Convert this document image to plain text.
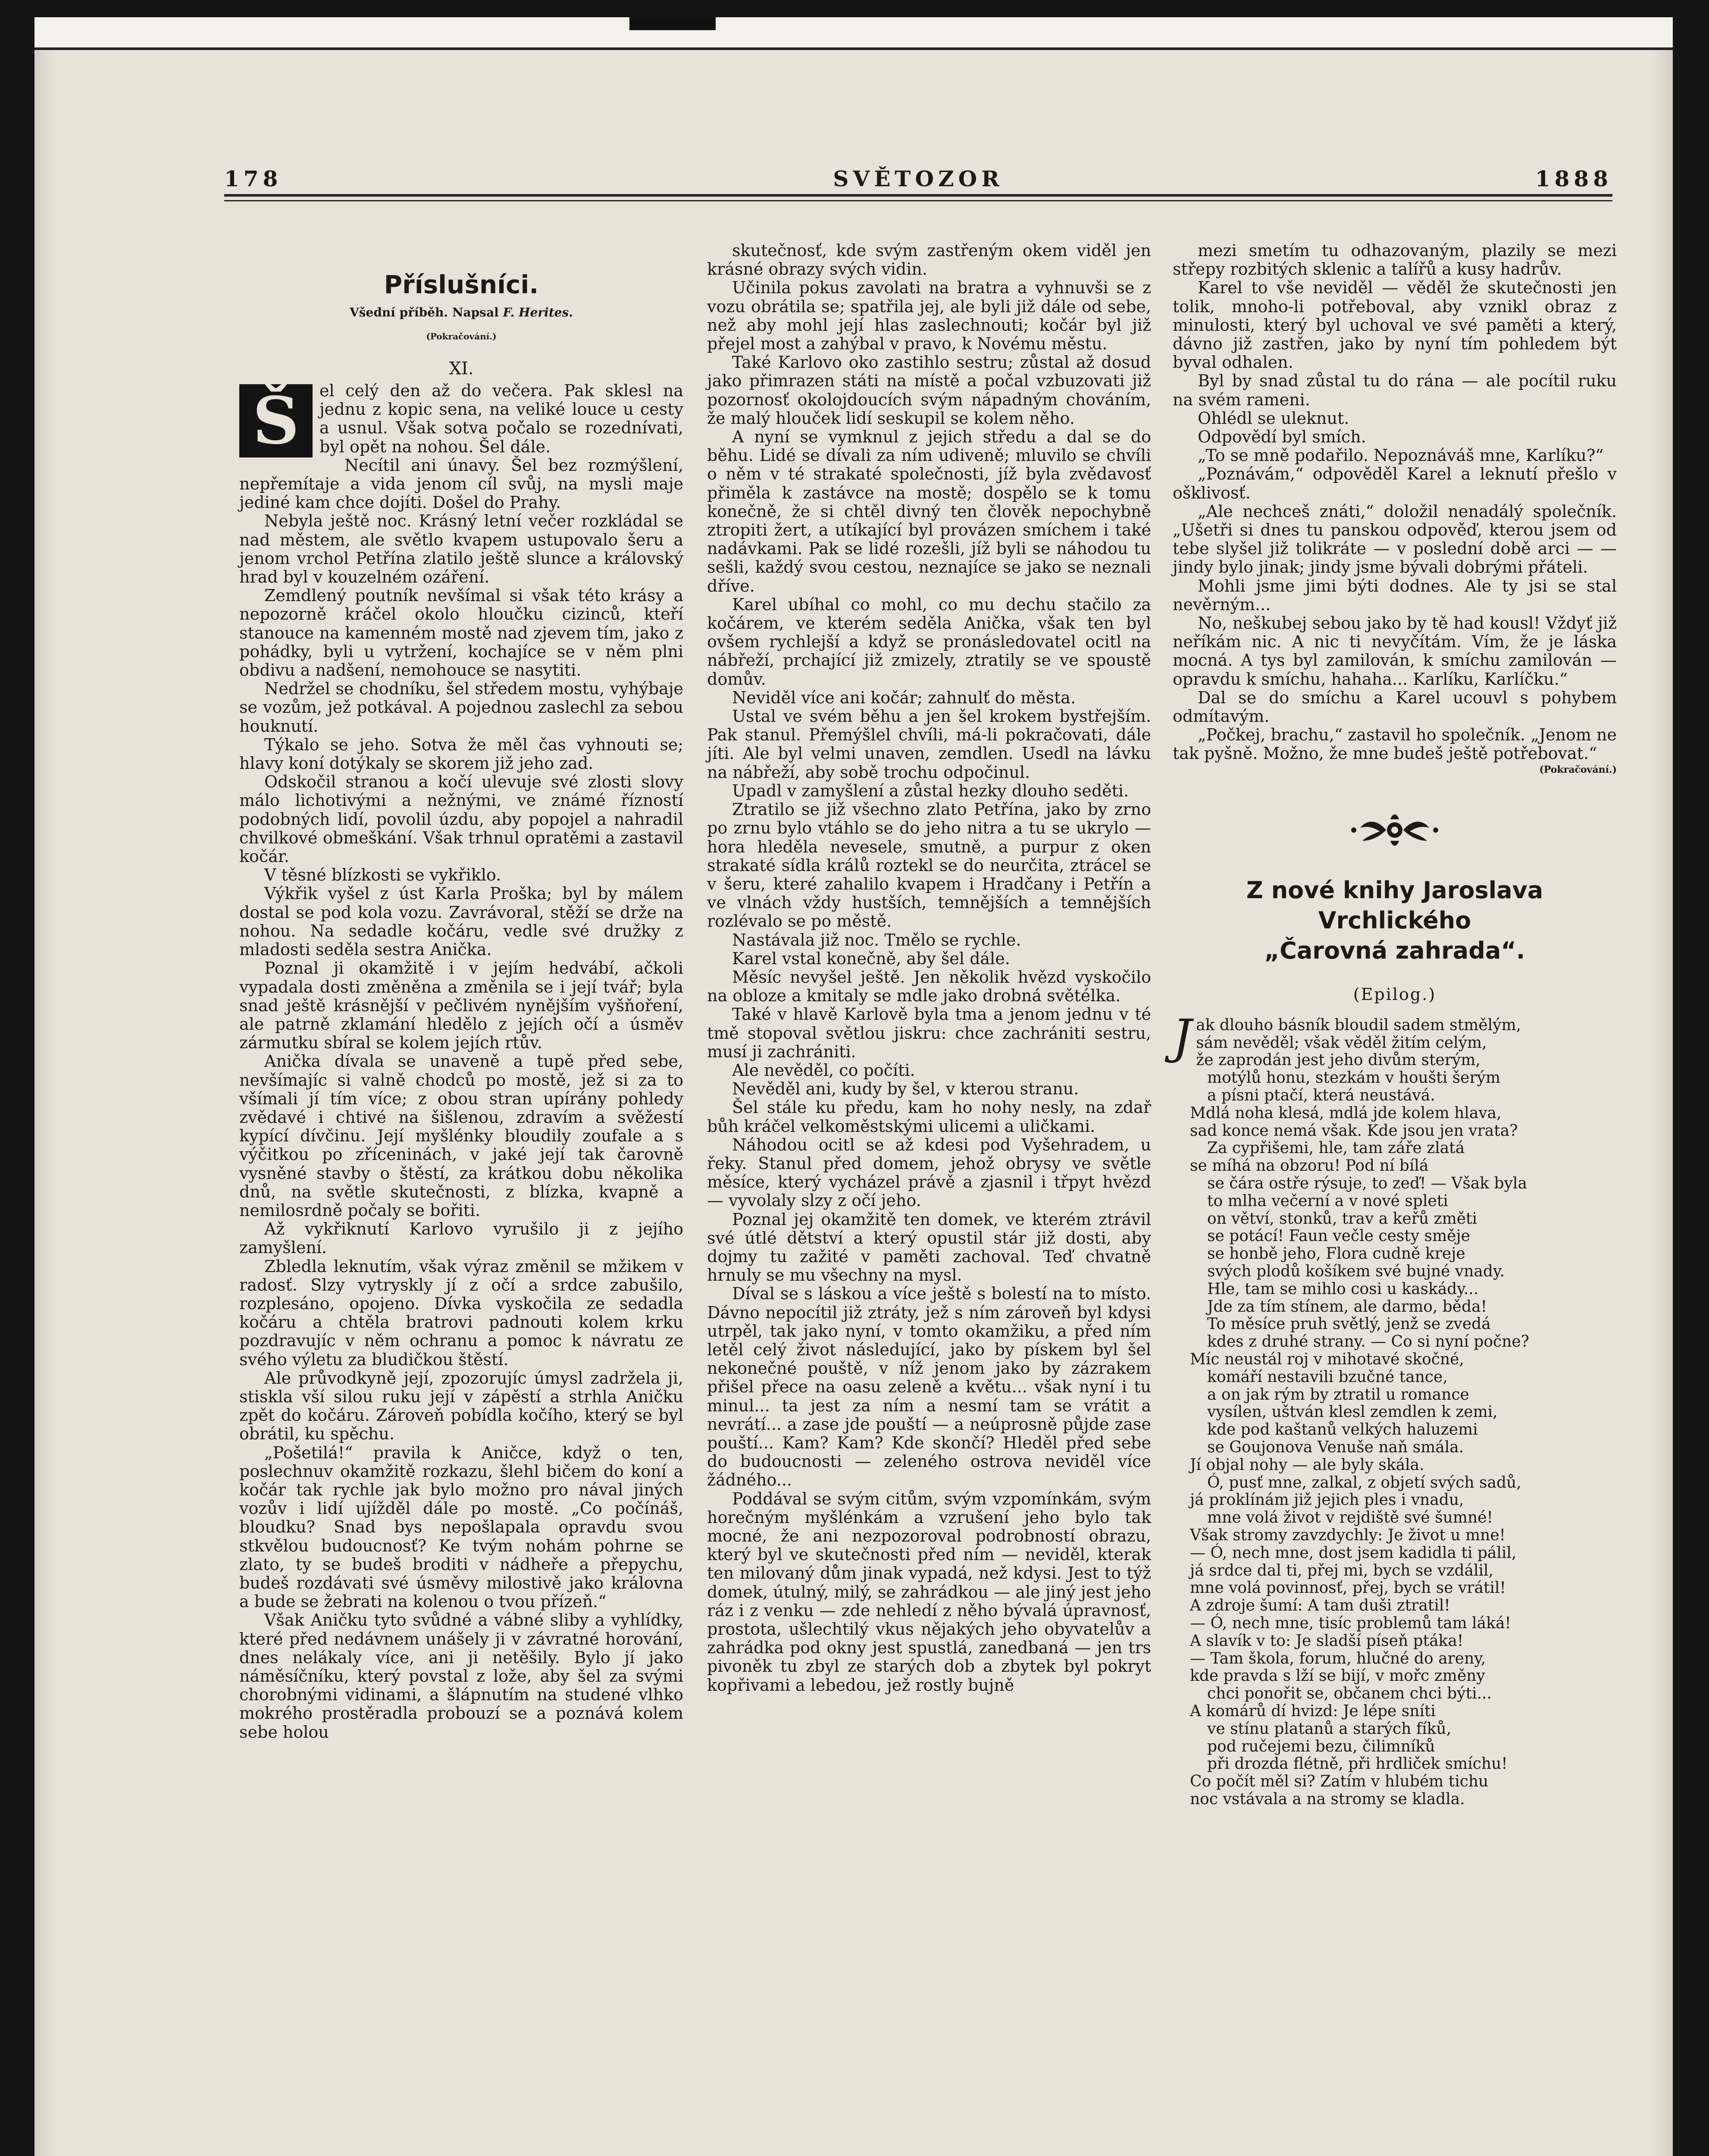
178	SVĚTOZOR	1888
Příslušníci.
Všední příběh. Napsal F. Herites.
(Pokračování.)
XI.

Š	el celý den až do večera. Pak sklesl na jednu z kopic sena, na veliké louce u cesty a usnul. Však sotva počalo se rozednívati, byl opět na nohou. Šel dále.

Necítil ani únavy. Šel bez rozmýšlení, nepřemítaje a vida jenom cíl svůj, na mysli maje jediné kam chce dojíti. Došel do Prahy.

Nebyla ještě noc. Krásný letní večer rozkládal se nad městem, ale světlo kvapem ustupovalo šeru a jenom vrchol Petřína zlatilo ještě slunce a královský hrad byl v kouzelném ozáření.

Zemdlený poutník nevšímal si však této krásy a nepozorně kráčel okolo hloučku cizinců, kteří stanouce na kamenném mostě nad zjevem tím, jako z pohádky, byli u vytržení, kochajíce se v něm plni obdivu a nadšení, nemohouce se nasytiti.

Nedržel se chodníku, šel středem mostu, vyhýbaje se vozům, jež potkával. A pojednou zaslechl za sebou houknutí.

Týkalo se jeho. Sotva že měl čas vyhnouti se; hlavy koní dotýkaly se skorem již jeho zad.

Odskočil stranou a kočí ulevuje své zlosti slovy málo lichotivými a nežnými, ve známé řízností podobných lidí, povolil úzdu, aby popojel a nahradil chvilkové obmeškání. Však trhnul opratěmi a zastavil kočár.

V těsné blízkosti se vykřiklo.

Výkřik vyšel z úst Karla Proška; byl by málem dostal se pod kola vozu. Zavrávoral, stěží se drže na nohou. Na sedadle kočáru, vedle své družky z mladosti seděla sestra Anička.

Poznal ji okamžitě i v jejím hedvábí, ačkoli vypadala dosti změněna a změnila se i její tvář; byla snad ještě krásnější v pečlivém nynějším vyšňoření, ale patrně zklamání hledělo z jejích očí a úsměv zármutku sbíral se kolem jejích rtův.

Anička dívala se unaveně a tupě před sebe, nevšímajíc si valně chodců po mostě, jež si za to všímali jí tím více; z obou stran upírány pohledy zvědavé i chtivé na šišlenou, zdravím a svěžestí kypící dívčinu. Její myšlénky bloudily zoufale a s výčitkou po zříceninách, v jaké její tak čarovně vysněné stavby o štěstí, za krátkou dobu několika dnů, na světle skutečnosti, z blízka, kvapně a nemilosrdně počaly se bořiti.

Až vykřiknutí Karlovo vyrušilo ji z jejího zamyšlení.

Zbledla leknutím, však výraz změnil se mžikem v radosť. Slzy vytryskly jí z očí a srdce zabušilo, rozplesáno, opojeno. Dívka vyskočila ze sedadla kočáru a chtěla bratrovi padnouti kolem krku pozdravujíc v něm ochranu a pomoc k návratu ze svého výletu za bludičkou štěstí.

Ale průvodkyně její, zpozorujíc úmysl zadržela ji, stiskla vší silou ruku její v zápěstí a strhla Aničku zpět do kočáru. Zároveň pobídla kočího, který se byl obrátil, ku spěchu.

„Pošetilá!“ pravila k Aničce, když o ten, poslechnuv okamžitě rozkazu, šlehl bičem do koní a kočár tak rychle jak bylo možno pro nával jiných vozův i lidí ujížděl dále po mostě. „Co počínáš, bloudku? Snad bys nepošlapala opravdu svou stkvělou budoucnosť? Ke tvým nohám pohrne se zlato, ty se budeš broditi v nádheře a přepychu, budeš rozdávati své úsměvy milostivě jako královna a bude se žebrati na kolenou o tvou přízeň.“

Však Aničku tyto svůdné a vábné sliby a vyhlídky, které před nedávnem unášely ji v závratné horování, dnes nelákaly více, ani ji netěšily. Bylo jí jako náměsíčníku, který povstal z lože, aby šel za svými chorobnými vidinami, a šlápnutím na studené vlhko mokrého prostěradla probouzí se a poznává kolem sebe holou

skutečnosť, kde svým zastřeným okem viděl jen krásné obrazy svých vidin.

Učinila pokus zavolati na bratra a vyhnuvši se z vozu obrátila se; spatřila jej, ale byli již dále od sebe, než aby mohl její hlas zaslechnouti; kočár byl již přejel most a zahýbal v pravo, k Novému městu.

Také Karlovo oko zastihlo sestru; zůstal až dosud jako přimrazen státi na místě a počal vzbuzovati již pozornosť okolojdoucích svým nápadným chováním, že malý hlouček lidí seskupil se kolem něho.

A nyní se vymknul z jejich středu a dal se do běhu. Lidé se dívali za ním udiveně; mluvilo se chvíli o něm v té strakaté společnosti, jíž byla zvědavosť přiměla k zastávce na mostě; dospělo se k tomu konečně, že si chtěl divný ten člověk nepochybně ztropiti žert, a utíkající byl provázen smíchem i také nadávkami. Pak se lidé rozešli, jíž byli se náhodou tu sešli, každý svou cestou, neznajíce se jako se neznali dříve.

Karel ubíhal co mohl, co mu dechu stačilo za kočárem, ve kterém seděla Anička, však ten byl ovšem rychlejší a když se pronásledovatel ocitl na nábřeží, prchající již zmizely, ztratily se ve spoustě domův.

Neviděl více ani kočár; zahnulť do města.

Ustal ve svém běhu a jen šel krokem bystřejším. Pak stanul. Přemýšlel chvíli, má-li pokračovati, dále jíti. Ale byl velmi unaven, zemdlen. Usedl na lávku na nábřeží, aby sobě trochu odpočinul.

Upadl v zamyšlení a zůstal hezky dlouho seděti.

Ztratilo se již všechno zlato Petřína, jako by zrno po zrnu bylo vtáhlo se do jeho nitra a tu se ukrylo — hora hleděla nevesele, smutně, a purpur z oken strakaté sídla králů roztekl se do neurčita, ztrácel se v šeru, které zahalilo kvapem i Hradčany i Petřín a ve vlnách vždy hustších, temnějších a temnějších rozlévalo se po městě.

Nastávala již noc. Tmělo se rychle.

Karel vstal konečně, aby šel dále.

Měsíc nevyšel ještě. Jen několik hvězd vyskočilo na obloze a kmitaly se mdle jako drobná světélka.

Také v hlavě Karlově byla tma a jenom jednu v té tmě stopoval světlou jiskru: chce zachrániti sestru, musí ji zachrániti.

Ale nevěděl, co počíti.

Nevěděl ani, kudy by šel, v kterou stranu.

Šel stále ku předu, kam ho nohy nesly, na zdař bůh kráčel velkoměstskými ulicemi a uličkami.

Náhodou ocitl se až kdesi pod Vyšehradem, u řeky. Stanul před domem, jehož obrysy ve světle měsíce, který vycházel právě a zjasnil i třpyt hvězd — vyvolaly slzy z očí jeho.

Poznal jej okamžitě ten domek, ve kterém ztrávil své útlé dětství a který opustil stár již dosti, aby dojmy tu zažité v paměti zachoval. Teď chvatně hrnuly se mu všechny na mysl.

Díval se s láskou a více ještě s bolestí na to místo. Dávno nepocítil již ztráty, jež s ním zároveň byl kdysi utrpěl, tak jako nyní, v tomto okamžiku, a před ním letěl celý život následující, jako by pískem byl šel nekonečné pouště, v níž jenom jako by zázrakem přišel přece na oasu zeleně a květu... však nyní i tu minul... ta jest za ním a nesmí tam se vrátit a nevrátí... a zase jde pouští — a neúprosně půjde zase pouští... Kam? Kam? Kde skončí? Hleděl před sebe do budoucnosti — zeleného ostrova neviděl více žádného...

Poddával se svým citům, svým vzpomínkám, svým horečným myšlénkám a vzrušení jeho bylo tak mocné, že ani nezpozoroval podrobností obrazu, který byl ve skutečnosti před ním — neviděl, kterak ten milovaný dům jinak vypadá, než kdysi. Jest to týž domek, útulný, milý, se zahrádkou — ale jiný jest jeho ráz i z venku — zde nehledí z něho bývalá úpravnosť, prostota, ušlechtilý vkus nějakých jeho obyvatelův a zahrádka pod okny jest spustlá, zanedbaná — jen trs pivoněk tu zbyl ze starých dob a zbytek byl pokryt kopřivami a lebedou, jež rostly bujně

mezi smetím tu odhazovaným, plazily se mezi střepy rozbitých sklenic a talířů a kusy hadrův.

Karel to vše neviděl — věděl že skutečnosti jen tolik, mnoho-li potřeboval, aby vznikl obraz z minulosti, který byl uchoval ve své paměti a který, dávno již zastřen, jako by nyní tím pohledem být byval odhalen.

Byl by snad zůstal tu do rána — ale pocítil ruku na svém rameni.

Ohlédl se uleknut.

Odpovědí byl smích.

„To se mně podařilo. Nepoznáváš mne, Karlíku?“

„Poznávám,“ odpověděl Karel a leknutí přešlo v ošklivosť.

„Ale nechceš znáti,“ doložil nenadálý společník. „Ušetři si dnes tu panskou odpověď, kterou jsem od tebe slyšel již tolikráte — v poslední době arci — — jindy bylo jinak; jindy jsme bývali dobrými přáteli.

Mohli jsme jimi býti dodnes. Ale ty jsi se stal nevěrným...

No, neškubej sebou jako by tě had kousl! Vždyť již neříkám nic. A nic ti nevyčítám. Vím, že je láska mocná. A tys byl zamilován, k smíchu zamilován — opravdu k smíchu, hahaha... Karlíku, Karlíčku.“

Dal se do smíchu a Karel ucouvl s pohybem odmítavým.

„Počkej, brachu,“ zastavil ho společník. „Jenom ne tak pyšně. Možno, že mne budeš ještě potřebovat.“

(Pokračování.)
Z nové knihy Jaroslava Vrchlického
„Čarovná zahrada“.
(Epilog.)
J ak dlouho básník bloudil sadem stmělým,
sám nevěděl; však věděl žitím celým,
že zaprodán jest jeho divům sterým,
motýlů honu, stezkám v houšti šerým
a písni ptačí, která neustává.
Mdlá noha klesá, mdlá jde kolem hlava,
sad konce nemá však. Kde jsou jen vrata?
Za cypřišemi, hle, tam záře zlatá
se míhá na obzoru! Pod ní bílá
se čára ostře rýsuje, to zeď! — Však byla
to mlha večerní a v nové spleti
on větví, stonků, trav a keřů změti
se potácí! Faun večle cesty směje
se honbě jeho, Flora cudně kreje
svých plodů košíkem své bujné vnady.
Hle, tam se mihlo cosi u kaskády...
Jde za tím stínem, ale darmo, běda!
To měsíce pruh světlý, jenž se zvedá
kdes z druhé strany. — Co si nyní počne?
Míc neustál roj v mihotavé skočné,
komáří nestavili bzučné tance,
a on jak rým by ztratil u romance
vysílen, uštván klesl zemdlen k zemi,
kde pod kaštanů velkých haluzemi
se Goujonova Venuše naň smála.
Jí objal nohy — ale byly skála.
Ó, pusť mne, zalkal, z objetí svých sadů,
já proklínám již jejich ples i vnadu,
mne volá život v rejdiště své šumné!
Však stromy zavzdychly: Je život u mne!
— Ó, nech mne, dost jsem kadidla ti pálil,
já srdce dal ti, přej mi, bych se vzdálil,
mne volá povinnosť, přej, bych se vrátil!
A zdroje šumí: A tam duši ztratil!
— Ó, nech mne, tisíc problemů tam láká!
A slavík v to: Je sladší píseň ptáka!
— Tam škola, forum, hlučné do areny,
kde pravda s lží se bijí, v mořc změny
chci ponořit se, občanem chci býti...
A komárů dí hvizd: Je lépe sníti
ve stínu platanů a starých fíků,
pod ručejemi bezu, čilimníků
při drozda flétně, při hrdliček smíchu!
Co počít měl si? Zatím v hlubém tichu
noc vstávala a na stromy se kladla.
